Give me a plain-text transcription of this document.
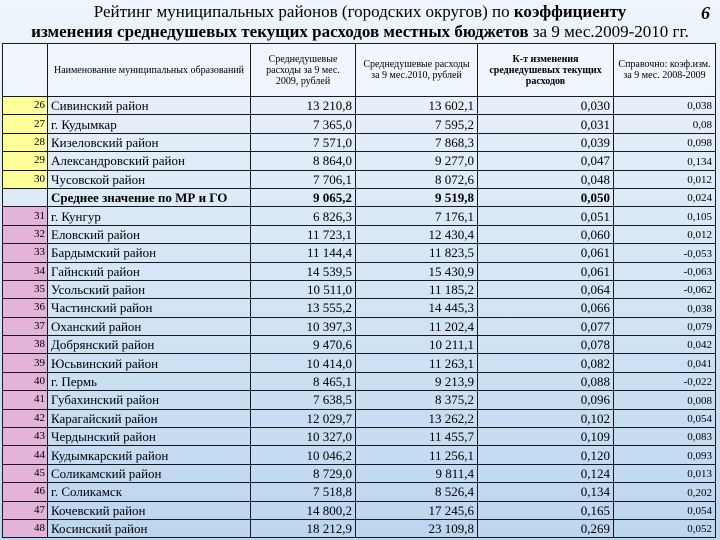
Рейтинг муниципальных районов (городских округов) по коэффициенту
изменения среднедушевых текущих расходов местных бюджетов за 9 мес.2009-2010 гг.
6
	Наименование муниципальных образований	Среднедушевые расходы за 9 мес. 2009, рублей	Среднедушевые расходы за 9 мес.2010, рублей	К-т изменения среднедушевых текущих расходов	Справочно: коэф.изм. за 9 мес. 2008-2009
26	Сивинский район	13 210,8	13 602,1	0,030	0,038
27	г. Кудымкар	7 365,0	7 595,2	0,031	0,08
28	Кизеловский район	7 571,0	7 868,3	0,039	0,098
29	Александровский район	8 864,0	9 277,0	0,047	0,134
30	Чусовской район	7 706,1	8 072,6	0,048	0,012
	Среднее значение по МР и ГО	9 065,2	9 519,8	0,050	0,024
31	г. Кунгур	6 826,3	7 176,1	0,051	0,105
32	Еловский район	11 723,1	12 430,4	0,060	0,012
33	Бардымский район	11 144,4	11 823,5	0,061	-0,053
34	Гайнский район	14 539,5	15 430,9	0,061	-0,063
35	Усольский район	10 511,0	11 185,2	0,064	-0,062
36	Частинский район	13 555,2	14 445,3	0,066	0,038
37	Оханский район	10 397,3	11 202,4	0,077	0,079
38	Добрянский район	9 470,6	10 211,1	0,078	0,042
39	Юсьвинский район	10 414,0	11 263,1	0,082	0,041
40	г. Пермь	8 465,1	9 213,9	0,088	-0,022
41	Губахинский район	7 638,5	8 375,2	0,096	0,008
42	Карагайский район	12 029,7	13 262,2	0,102	0,054
43	Чердынский район	10 327,0	11 455,7	0,109	0,083
44	Кудымкарский район	10 046,2	11 256,1	0,120	0,093
45	Соликамский район	8 729,0	9 811,4	0,124	0,013
46	г. Соликамск	7 518,8	8 526,4	0,134	0,202
47	Кочевский район	14 800,2	17 245,6	0,165	0,054
48	Косинский район	18 212,9	23 109,8	0,269	0,052
